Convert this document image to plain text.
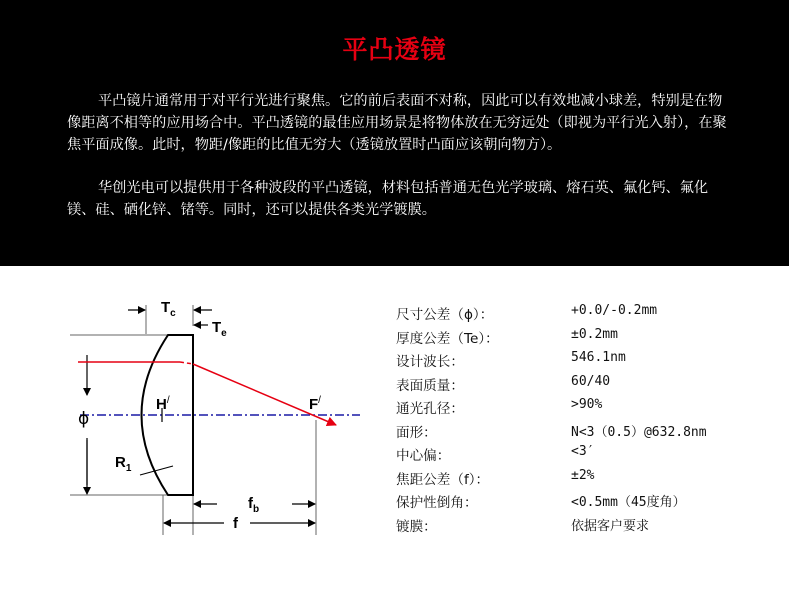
平凸透镜
平凸镜片通常用于对平行光进行聚焦。它的前后表面不对称，因此可以有效地减小球差，特别是在物像距离不相等的应用场合中。平凸透镜的最佳应用场景是将物体放在无穷远处（即视为平行光入射），在聚焦平面成像。此时，物距/像距的比值无穷大（透镜放置时凸面应该朝向物方）。
华创光电可以提供用于各种波段的平凸透镜，材料包括普通无色光学玻璃、熔石英、氟化钙、氟化镁、硅、硒化锌、锗等。同时，还可以提供各类光学镀膜。
$T_c$
$T_e$
H/	F/
ϕ
$R_1$
$f_b$
f
尺寸公差（ϕ）：	+0.0/-0.2mm
厚度公差（Te）：	±0.2mm
设计波长：	546.1nm
表面质量：	60/40
通光孔径：	>90%
面形：	N<3（0.5）@632.8nm
中心偏：	<3′
焦距公差（f）：	±2%
保护性倒角：	<0.5mm（45度角）
镀膜：	依据客户要求
